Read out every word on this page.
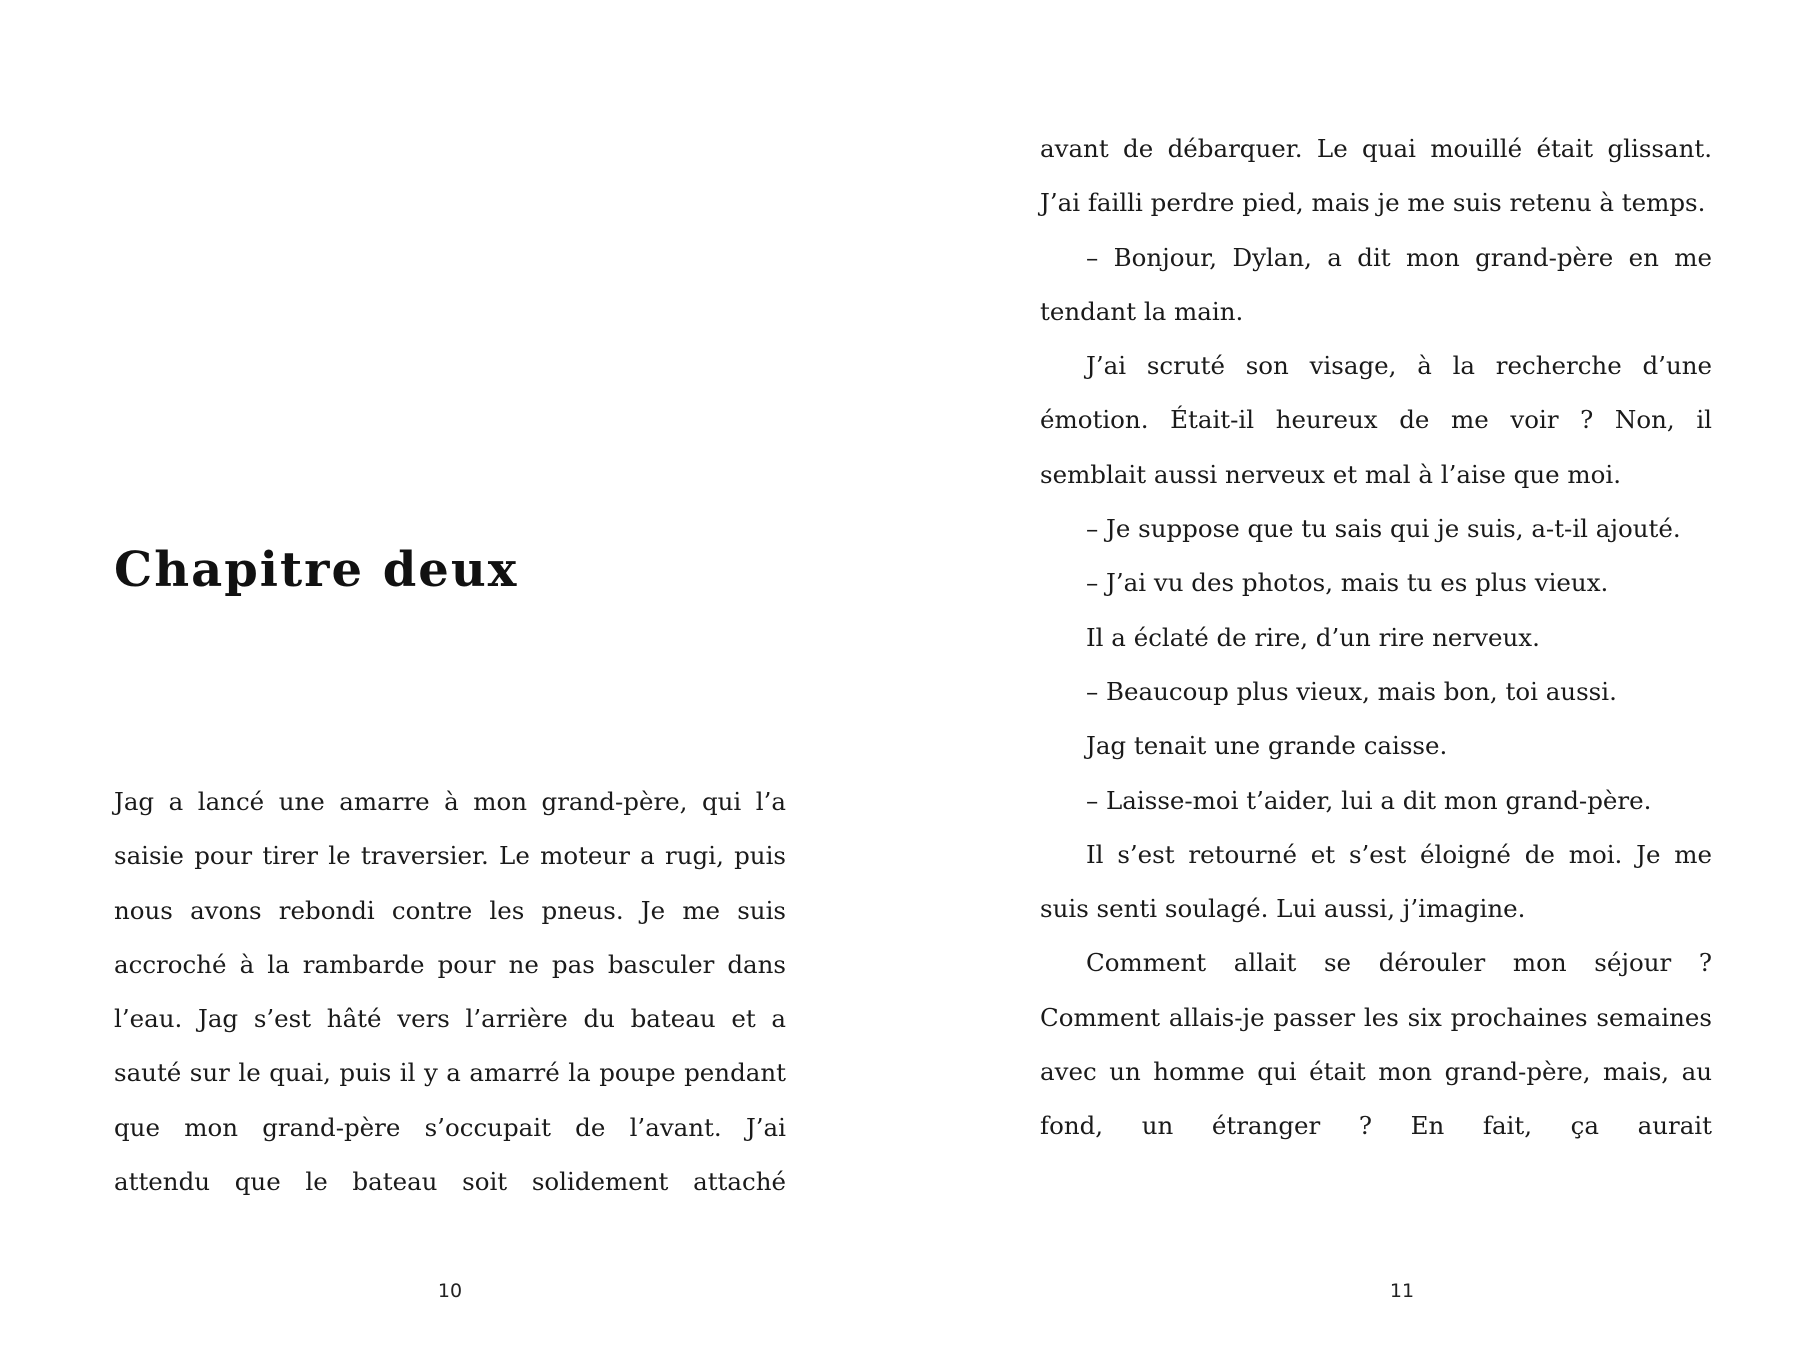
Chapitre deux

Jag a lancé une amarre à mon grand-père, qui l’a saisie pour tirer le traversier. Le moteur a rugi, puis nous avons rebondi contre les pneus. Je me suis accroché à la rambarde pour ne pas basculer dans l’eau. Jag s’est hâté vers l’arrière du bateau et a sauté sur le quai, puis il y a amarré la poupe pendant que mon grand-père s’occupait de l’avant. J’ai attendu que le bateau soit solidement attaché

10

avant de débarquer. Le quai mouillé était glissant. J’ai failli perdre pied, mais je me suis retenu à temps.

– Bonjour, Dylan, a dit mon grand-père en me tendant la main.

J’ai scruté son visage, à la recherche d’une émotion. Était-il heureux de me voir ? Non, il semblait aussi nerveux et mal à l’aise que moi.

– Je suppose que tu sais qui je suis, a-t-il ajouté.

– J’ai vu des photos, mais tu es plus vieux.

Il a éclaté de rire, d’un rire nerveux.

– Beaucoup plus vieux, mais bon, toi aussi.

Jag tenait une grande caisse.

– Laisse-moi t’aider, lui a dit mon grand-père.

Il s’est retourné et s’est éloigné de moi. Je me suis senti soulagé. Lui aussi, j’imagine.

Comment allait se dérouler mon séjour ? Comment allais-je passer les six prochaines semaines avec un homme qui était mon grand-père, mais, au fond, un étranger ? En fait, ça aurait

11
